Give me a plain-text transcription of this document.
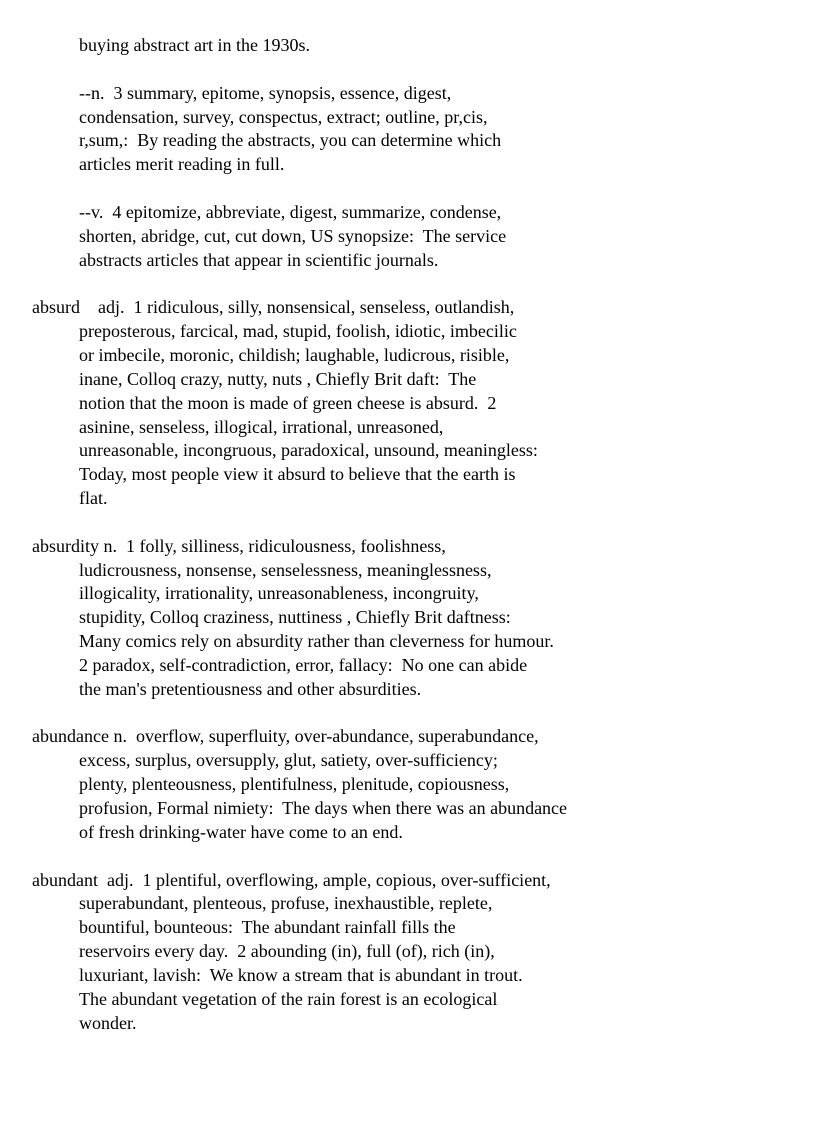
buying abstract art in the 1930s.
--n.  3 summary, epitome, synopsis, essence, digest,
condensation, survey, conspectus, extract; outline, pr,cis,
r,sum,:  By reading the abstracts, you can determine which
articles merit reading in full.
--v.  4 epitomize, abbreviate, digest, summarize, condense,
shorten, abridge, cut, cut down, US synopsize:  The service
abstracts articles that appear in scientific journals.
absurd    adj.  1 ridiculous, silly, nonsensical, senseless, outlandish,
preposterous, farcical, mad, stupid, foolish, idiotic, imbecilic
or imbecile, moronic, childish; laughable, ludicrous, risible,
inane, Colloq crazy, nutty, nuts , Chiefly Brit daft:  The
notion that the moon is made of green cheese is absurd.  2
asinine, senseless, illogical, irrational, unreasoned,
unreasonable, incongruous, paradoxical, unsound, meaningless:
Today, most people view it absurd to believe that the earth is
flat.
absurdity n.  1 folly, silliness, ridiculousness, foolishness,
ludicrousness, nonsense, senselessness, meaninglessness,
illogicality, irrationality, unreasonableness, incongruity,
stupidity, Colloq craziness, nuttiness , Chiefly Brit daftness:
Many comics rely on absurdity rather than cleverness for humour.
2 paradox, self-contradiction, error, fallacy:  No one can abide
the man's pretentiousness and other absurdities.
abundance n.  overflow, superfluity, over-abundance, superabundance,
excess, surplus, oversupply, glut, satiety, over-sufficiency;
plenty, plenteousness, plentifulness, plenitude, copiousness,
profusion, Formal nimiety:  The days when there was an abundance
of fresh drinking-water have come to an end.
abundant  adj.  1 plentiful, overflowing, ample, copious, over-sufficient,
superabundant, plenteous, profuse, inexhaustible, replete,
bountiful, bounteous:  The abundant rainfall fills the
reservoirs every day.  2 abounding (in), full (of), rich (in),
luxuriant, lavish:  We know a stream that is abundant in trout.
The abundant vegetation of the rain forest is an ecological
wonder.
